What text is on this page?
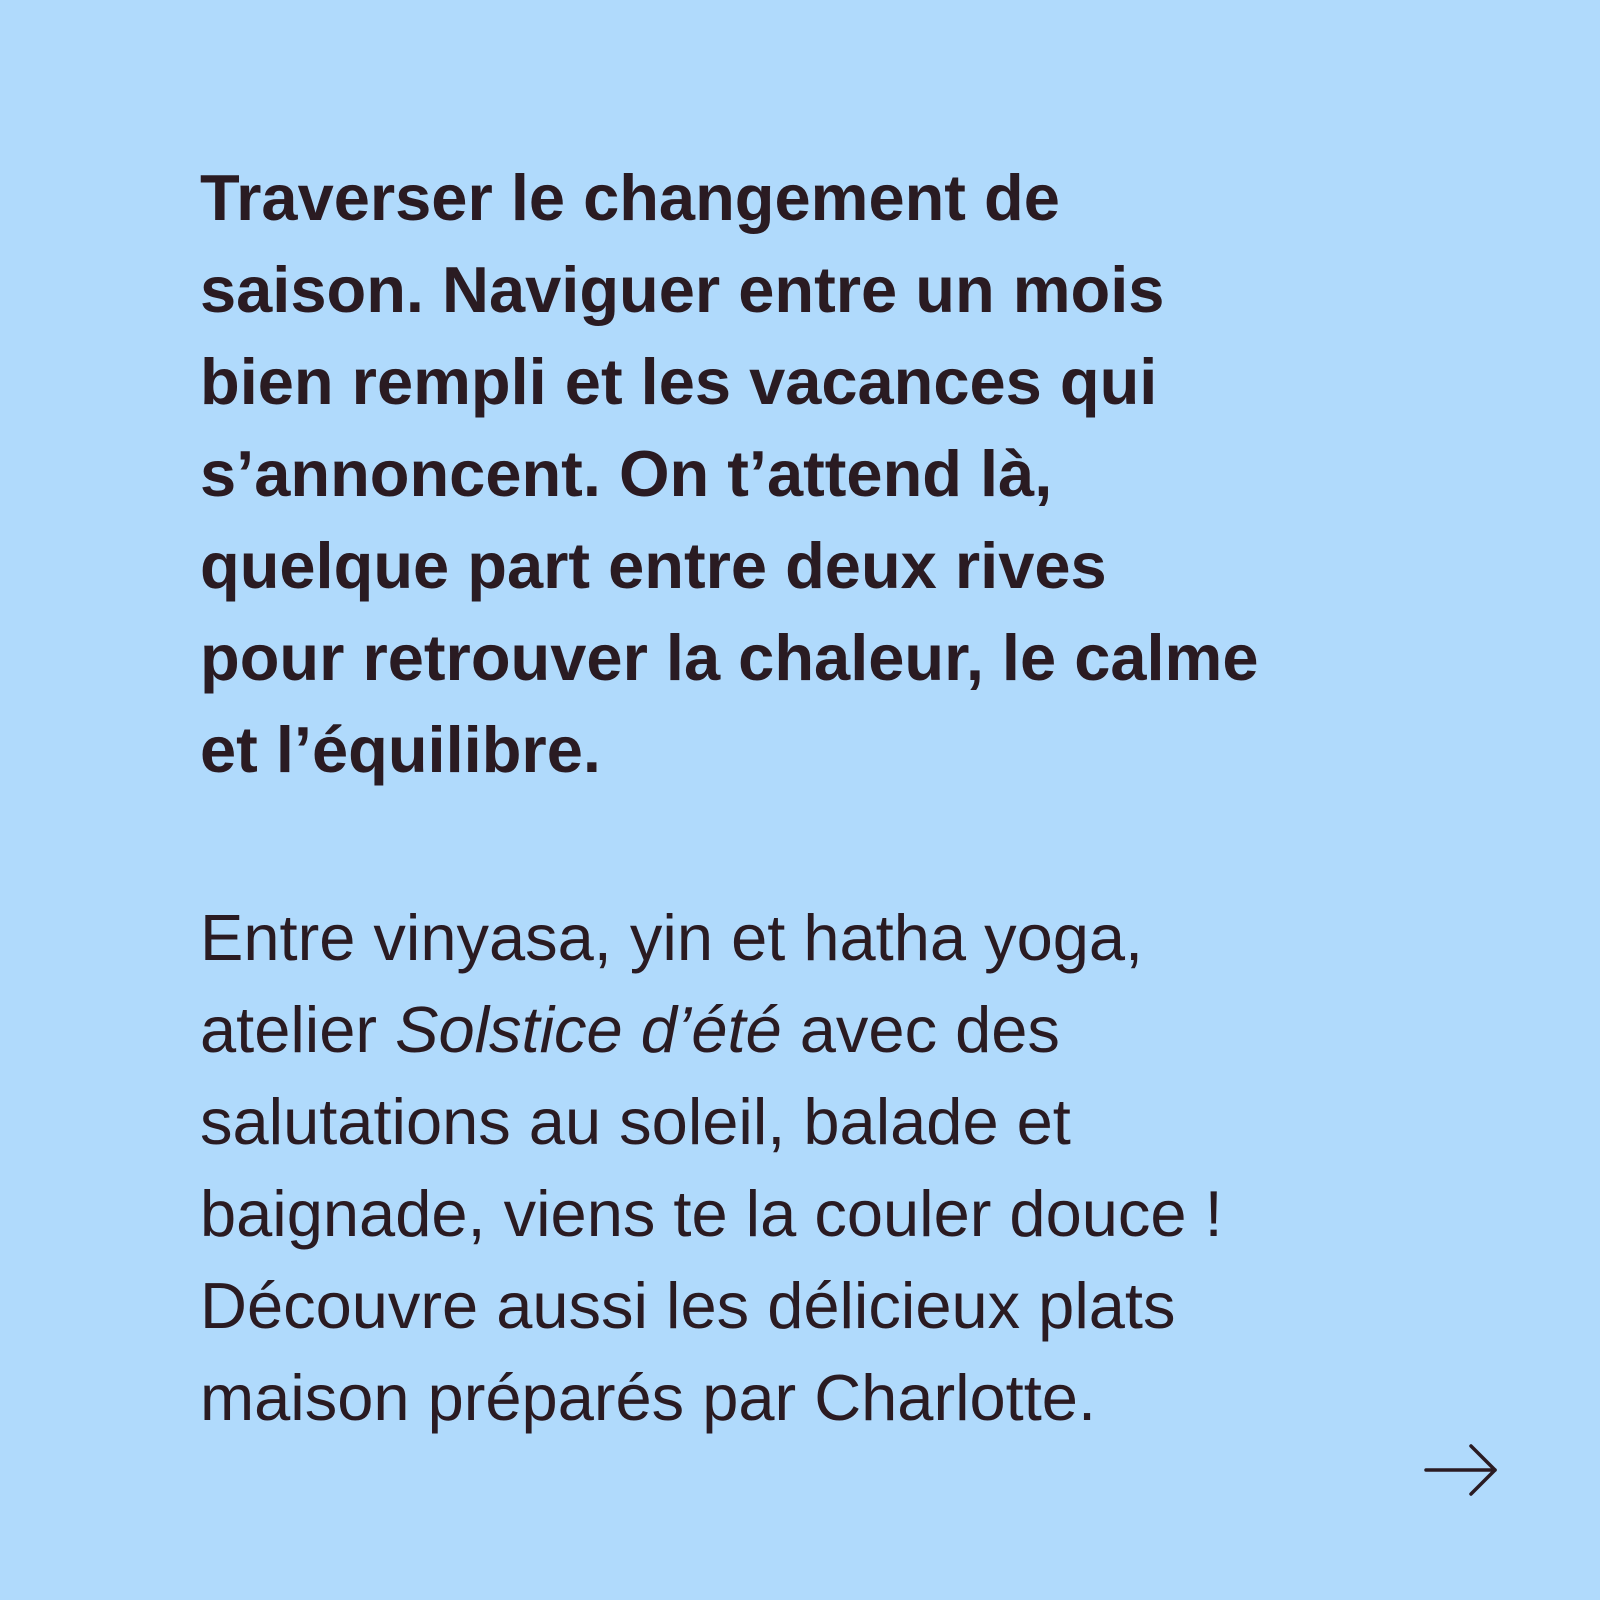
Traverser le changement de
saison. Naviguer entre un mois
bien rempli et les vacances qui
s’annoncent. On t’attend là,
quelque part entre deux rives
pour retrouver la chaleur, le calme
et l’équilibre.

Entre vinyasa, yin et hatha yoga,
atelier Solstice d’été avec des
salutations au soleil, balade et
baignade, viens te la couler douce !
Découvre aussi les délicieux plats
maison préparés par Charlotte.
